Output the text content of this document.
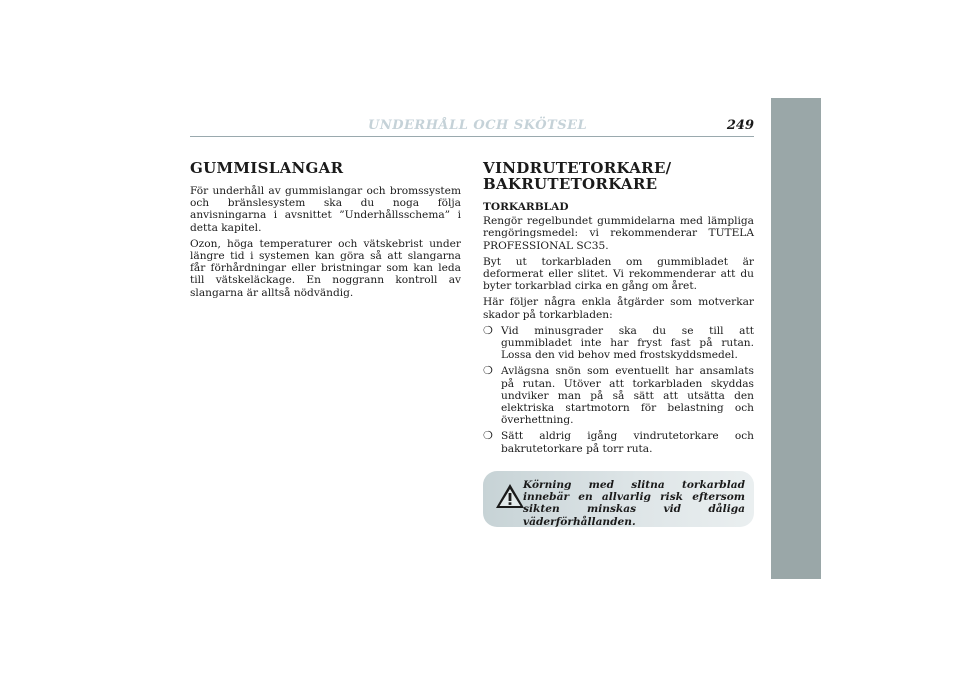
249
UNDERHÅLL OCH SKÖTSEL
GUMMISLANGAR

För underhåll av gummislangar och bromssystem och bränslesystem ska du noga följa anvisningarna i avsnittet ”Underhållsschema” i detta kapitel.

Ozon, höga temperaturer och vätskebrist under längre tid i systemen kan göra så att slangarna får förhårdningar eller bristningar som kan leda till vätskeläckage. En noggrann kontroll av slangarna är alltså nödvändig.

VINDRUTETORKARE/ BAKRUTETORKARE
TORKARBLAD

Rengör regelbundet gummidelarna med lämpliga rengöringsmedel: vi rekommenderar TUTELA PROFESSIONAL SC35.

Byt ut torkarbladen om gummibladet är deformerat eller slitet. Vi rekommenderar att du byter torkarblad cirka en gång om året.

Här följer några enkla åtgärder som motverkar skador på torkarbladen:

❍ Vid minusgrader ska du se till att gummibladet inte har fryst fast på rutan. Lossa den vid behov med frostskyddsmedel.
❍ Avlägsna snön som eventuellt har ansamlats på rutan. Utöver att torkarbladen skyddas undviker man på så sätt att utsätta den elektriska startmotorn för belastning och överhettning.
❍ Sätt aldrig igång vindrutetorkare och bakrutetorkare på torr ruta.
Körning med slitna torkarblad innebär en allvarlig risk eftersom sikten minskas vid dåliga väderförhållanden.
